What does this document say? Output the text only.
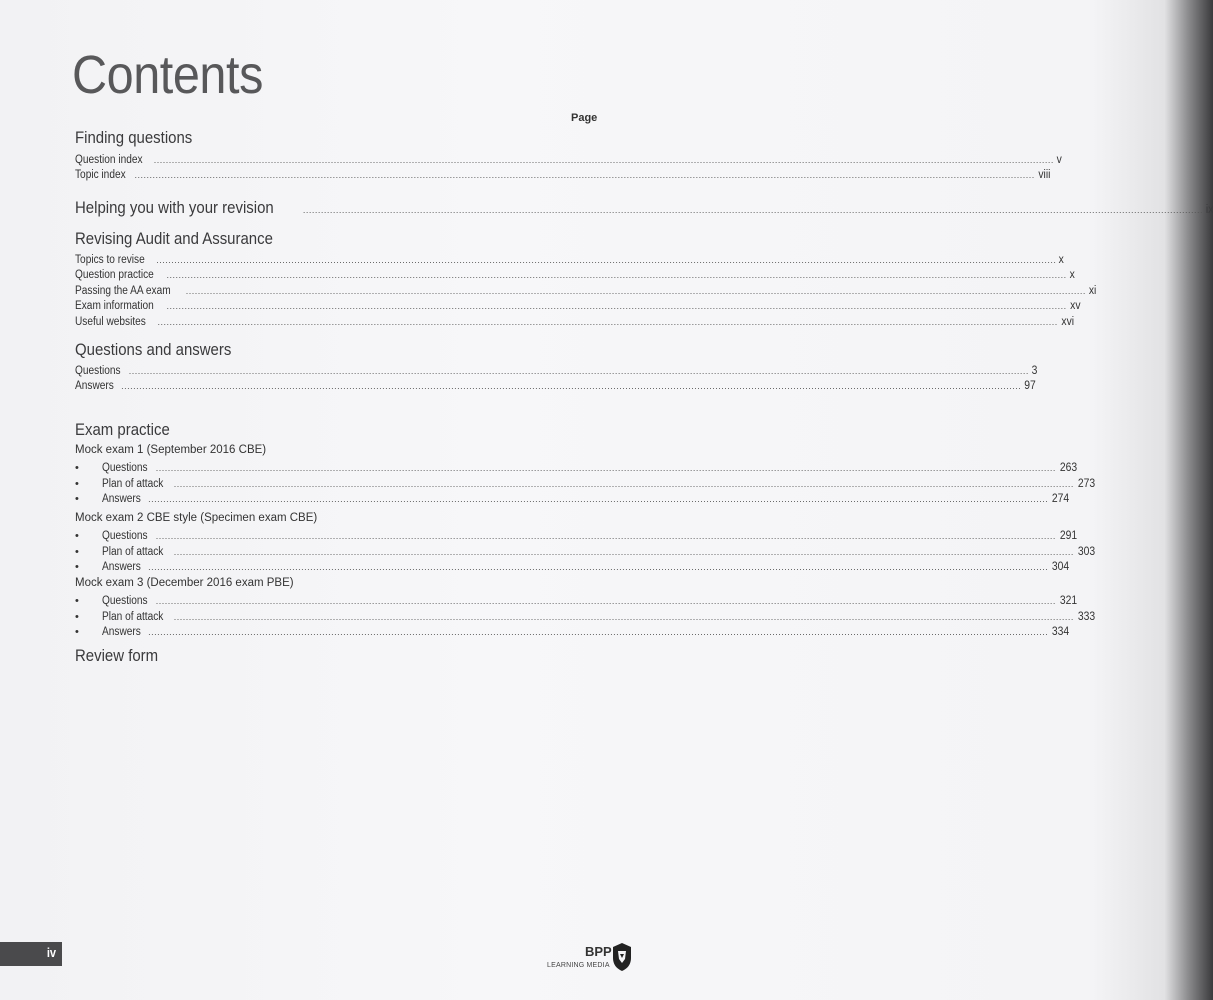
Contents
Page
Finding questions
Question index ............................................................................................................................................................................................................................................................................................................ v
Topic index ............................................................................................................................................................................................................................................................................................................ viii
Helping you with your revision	............................................................................................................................................................................................................................................................................................................ ix
Revising Audit and Assurance
Topics to revise ............................................................................................................................................................................................................................................................................................................ x
Question practice ............................................................................................................................................................................................................................................................................................................ x
Passing the AA exam ............................................................................................................................................................................................................................................................................................................ xi
Exam information ............................................................................................................................................................................................................................................................................................................ xv
Useful websites ............................................................................................................................................................................................................................................................................................................ xvi
Questions and answers
Questions ............................................................................................................................................................................................................................................................................................................ 3
Answers ............................................................................................................................................................................................................................................................................................................ 97
Exam practice
Mock exam 1 (September 2016 CBE)
• Questions ............................................................................................................................................................................................................................................................................................................ 263
• Plan of attack ............................................................................................................................................................................................................................................................................................................ 273
• Answers ............................................................................................................................................................................................................................................................................................................ 274
Mock exam 2 CBE style (Specimen exam CBE)
• Questions ............................................................................................................................................................................................................................................................................................................ 291
• Plan of attack ............................................................................................................................................................................................................................................................................................................ 303
• Answers ............................................................................................................................................................................................................................................................................................................ 304
Mock exam 3 (December 2016 exam PBE)
• Questions ............................................................................................................................................................................................................................................................................................................ 321
• Plan of attack ............................................................................................................................................................................................................................................................................................................ 333
• Answers ............................................................................................................................................................................................................................................................................................................ 334
Review form
iv	BPP
LEARNING MEDIA
